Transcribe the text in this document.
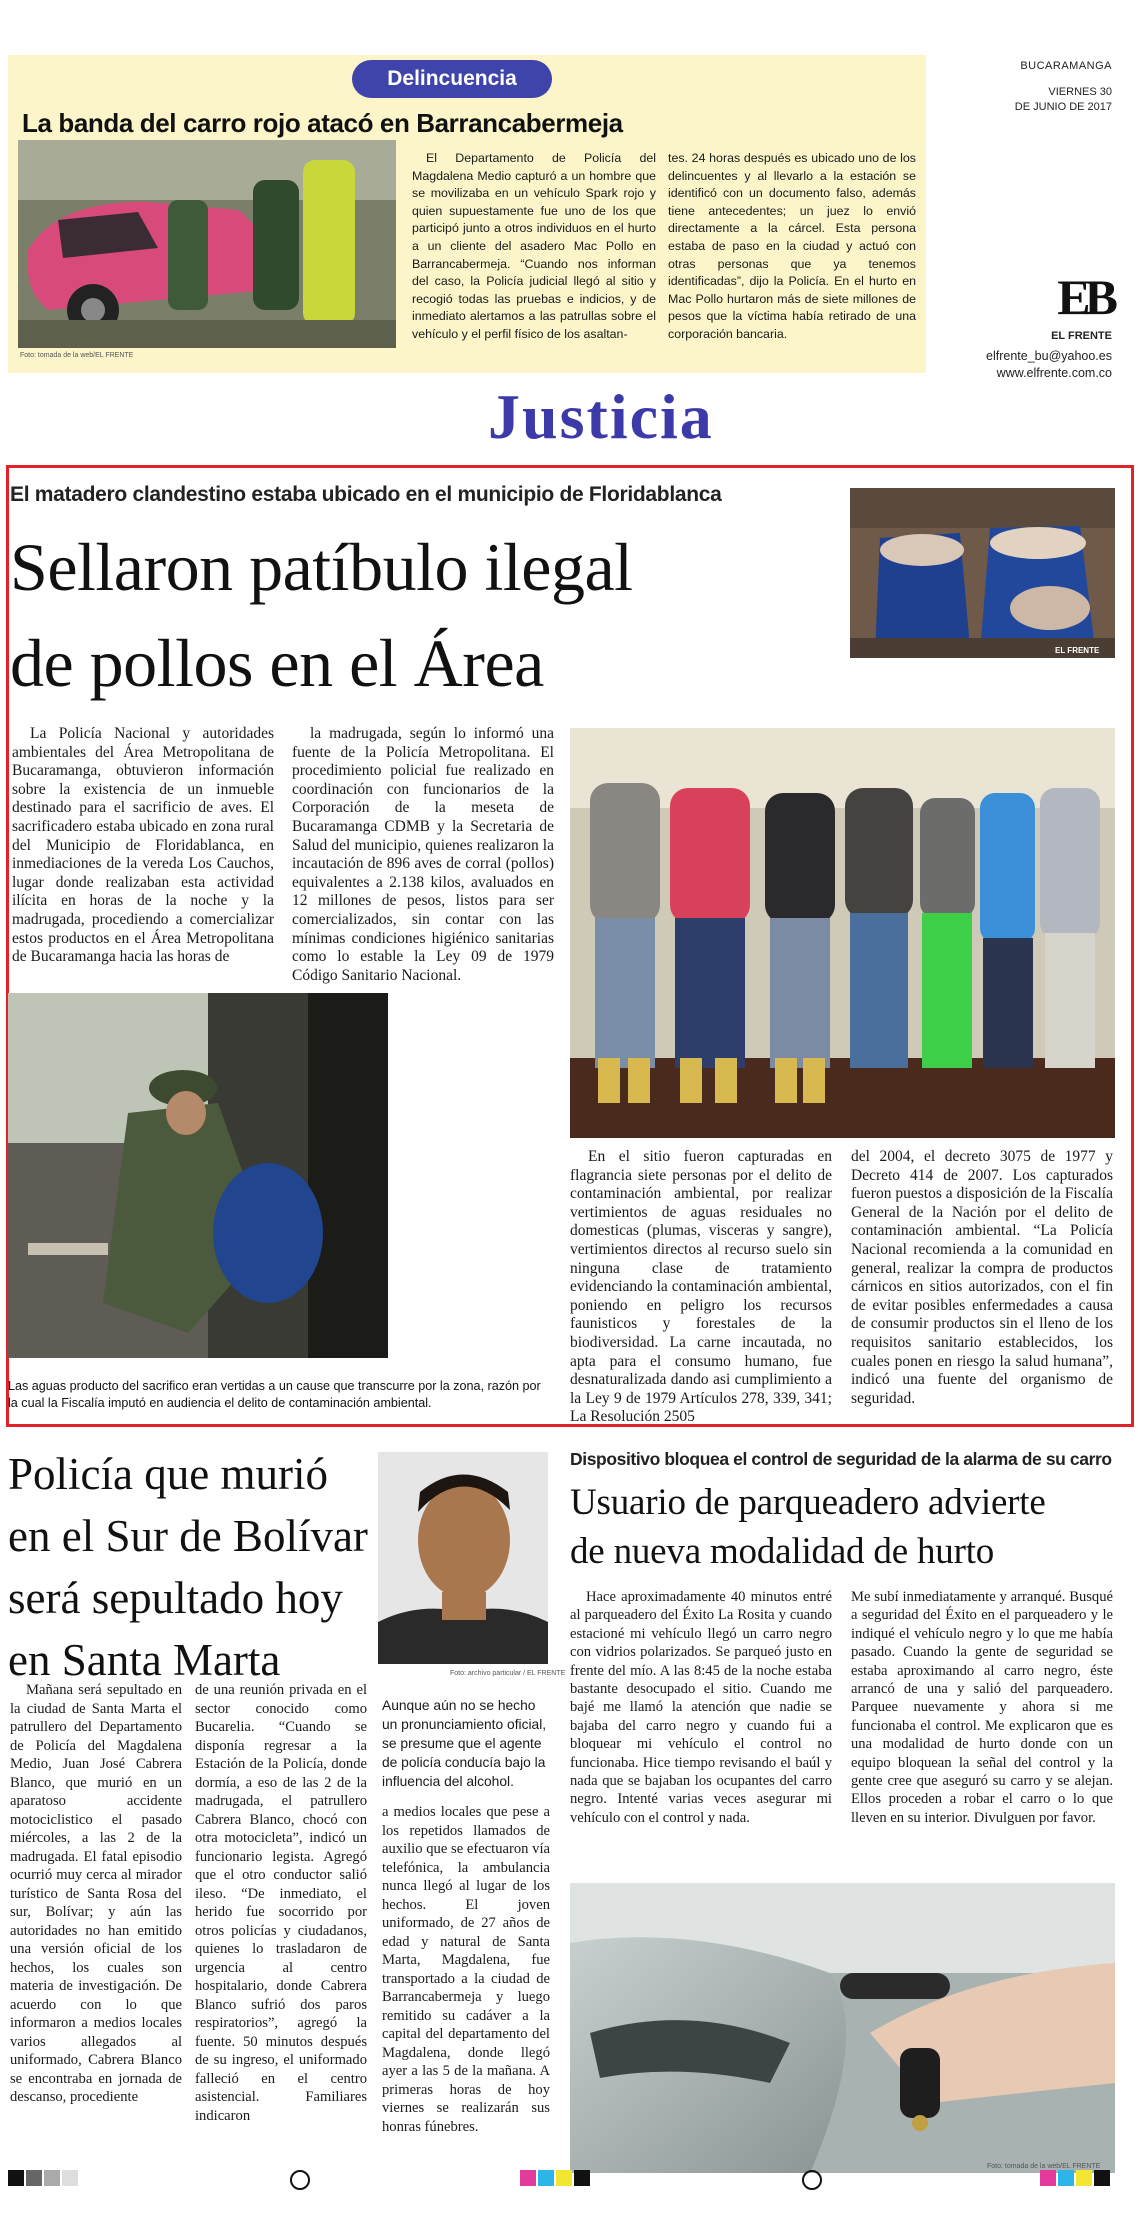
Delincuencia
La banda del carro rojo atacó en Barrancabermeja
Foto: tomada de la web/EL FRENTE
El Departamento de Policía del Magdalena Medio capturó a un hombre que se movilizaba en un vehículo Spark rojo y quien supuestamente fue uno de los que participó junto a otros individuos en el hurto a un cliente del asadero Mac Pollo en Barrancabermeja. “Cuando nos informan del caso, la Policía judicial llegó al sitio y recogió todas las pruebas e indicios, y de inmediato alertamos a las patrullas sobre el vehículo y el perfil físico de los asaltan-
tes. 24 horas después es ubicado uno de los delincuentes y al llevarlo a la estación se identificó con un documento falso, además tiene antecedentes; un juez lo envió directamente a la cárcel. Esta persona estaba de paso en la ciudad y actuó con otras personas que ya tenemos identificadas”, dijo la Policía. En el hurto en Mac Pollo hurtaron más de siete millones de pesos que la víctima había retirado de una corporación bancaria.
BUCARAMANGA
VIERNES 30
DE JUNIO DE 2017
EB
EL FRENTE
elfrente_bu@yahoo.es
www.elfrente.com.co
Justicia
El matadero clandestino estaba ubicado en el municipio de Floridablanca
Sellaron patíbulo ilegal
de pollos en el Área	EL FRENTE
La Policía Nacional y autoridades ambientales del Área Metropolitana de Bucaramanga, obtuvieron información sobre la existencia de un inmueble destinado para el sacrificio de aves. El sacrificadero estaba ubicado en zona rural del Municipio de Floridablanca, en inmediaciones de la vereda Los Cauchos, lugar donde realizaban esta actividad ilícita en horas de la noche y la madrugada, procediendo a comercializar estos productos en el Área Metropolitana de Bucaramanga hacia las horas de
la madrugada, según lo informó una fuente de la Policía Metropolitana. El procedimiento policial fue realizado en coordinación con funcionarios de la Corporación de la meseta de Bucaramanga CDMB y la Secretaria de Salud del municipio, quienes realizaron la incautación de 896 aves de corral (pollos) equivalentes a 2.138 kilos, avaluados en 12 millones de pesos, listos para ser comercializados, sin contar con las mínimas condiciones higiénico sanitarias como lo estable la Ley 09 de 1979 Código Sanitario Nacional.
En el sitio fueron capturadas en flagrancia siete personas por el delito de contaminación ambiental, por realizar vertimientos de aguas residuales no domesticas (plumas, visceras y sangre), vertimientos directos al recurso suelo sin ninguna clase de tratamiento evidenciando la contaminación ambiental, poniendo en peligro los recursos faunisticos y forestales de la biodiversidad. La carne incautada, no apta para el consumo humano, fue desnaturalizada dando asi cumplimiento a la Ley 9 de 1979 Artículos 278, 339, 341; La Resolución 2505
del 2004, el decreto 3075 de 1977 y Decreto 414 de 2007. Los capturados fueron puestos a disposición de la Fiscalía General de la Nación por el delito de contaminación ambiental. “La Policía Nacional recomienda a la comunidad en general, realizar la compra de productos cárnicos en sitios autorizados, con el fin de evitar posibles enfermedades a causa de consumir productos sin el lleno de los requisitos sanitario establecidos, los cuales ponen en riesgo la salud humana”, indicó una fuente del organismo de seguridad.
Foto: tomada de la web/EL FRENTE
Las aguas producto del sacrifico eran vertidas a un cause que transcurre por la zona, razón por la cual la Fiscalía imputó en audiencia el delito de contaminación ambiental.
Policía que murió
en el Sur de Bolívar
será sepultado hoy
en Santa Marta	Foto: archivo particular / EL FRENTE
Aunque aún no se hecho un pronunciamiento oficial, se presume que el agente de policía conducía bajo la influencia del alcohol.
Mañana será sepultado en la ciudad de Santa Marta el patrullero del Departamento de Policía del Magdalena Medio, Juan José Cabrera Blanco, que murió en un aparatoso accidente motociclistico el pasado miércoles, a las 2 de la madrugada. El fatal episodio ocurrió muy cerca al mirador turístico de Santa Rosa del sur, Bolívar; y aún las autoridades no han emitido una versión oficial de los hechos, los cuales son materia de investigación. De acuerdo con lo que informaron a medios locales varios allegados al uniformado, Cabrera Blanco se encontraba en jornada de descanso, procediente
de una reunión privada en el sector conocido como Bucarelia. “Cuando se disponía regresar a la Estación de la Policía, donde dormía, a eso de las 2 de la madrugada, el patrullero Cabrera Blanco, chocó con otra motocicleta”, indicó un funcionario legista. Agregó que el otro conductor salió ileso. “De inmediato, el herido fue socorrido por otros policías y ciudadanos, quienes lo trasladaron de urgencia al centro hospitalario, donde Cabrera Blanco sufrió dos paros respiratorios”, agregó la fuente. 50 minutos después de su ingreso, el uniformado falleció en el centro asistencial. Familiares indicaron
a medios locales que pese a los repetidos llamados de auxilio que se efectuaron vía telefónica, la ambulancia nunca llegó al lugar de los hechos. El joven uniformado, de 27 años de edad y natural de Santa Marta, Magdalena, fue transportado a la ciudad de Barrancabermeja y luego remitido su cadáver a la capital del departamento del Magdalena, donde llegó ayer a las 5 de la mañana. A primeras horas de hoy viernes se realizarán sus honras fúnebres.
Dispositivo bloquea el control de seguridad de la alarma de su carro
Usuario de parqueadero advierte
de nueva modalidad de hurto
Hace aproximadamente 40 minutos entré al parqueadero del Éxito La Rosita y cuando estacioné mi vehículo llegó un carro negro con vidrios polarizados. Se parqueó justo en frente del mío. A las 8:45 de la noche estaba bastante desocupado el sitio. Cuando me bajé me llamó la atención que nadie se bajaba del carro negro y cuando fui a bloquear mi vehículo el control no funcionaba. Hice tiempo revisando el baúl y nada que se bajaban los ocupantes del carro negro. Intenté varias veces asegurar mi vehículo con el control y nada.
Me subí inmediatamente y arranqué. Busqué a seguridad del Éxito en el parqueadero y le indiqué el vehículo negro y lo que me había pasado. Cuando la gente de seguridad se estaba aproximando al carro negro, éste arrancó de una y salió del parqueadero. Parquee nuevamente y ahora si me funcionaba el control. Me explicaron que es una modalidad de hurto donde con un equipo bloquean la señal del control y la gente cree que aseguró su carro y se alejan. Ellos proceden a robar el carro o lo que lleven en su interior. Divulguen por favor.
Foto: tomada de la web/EL FRENTE
